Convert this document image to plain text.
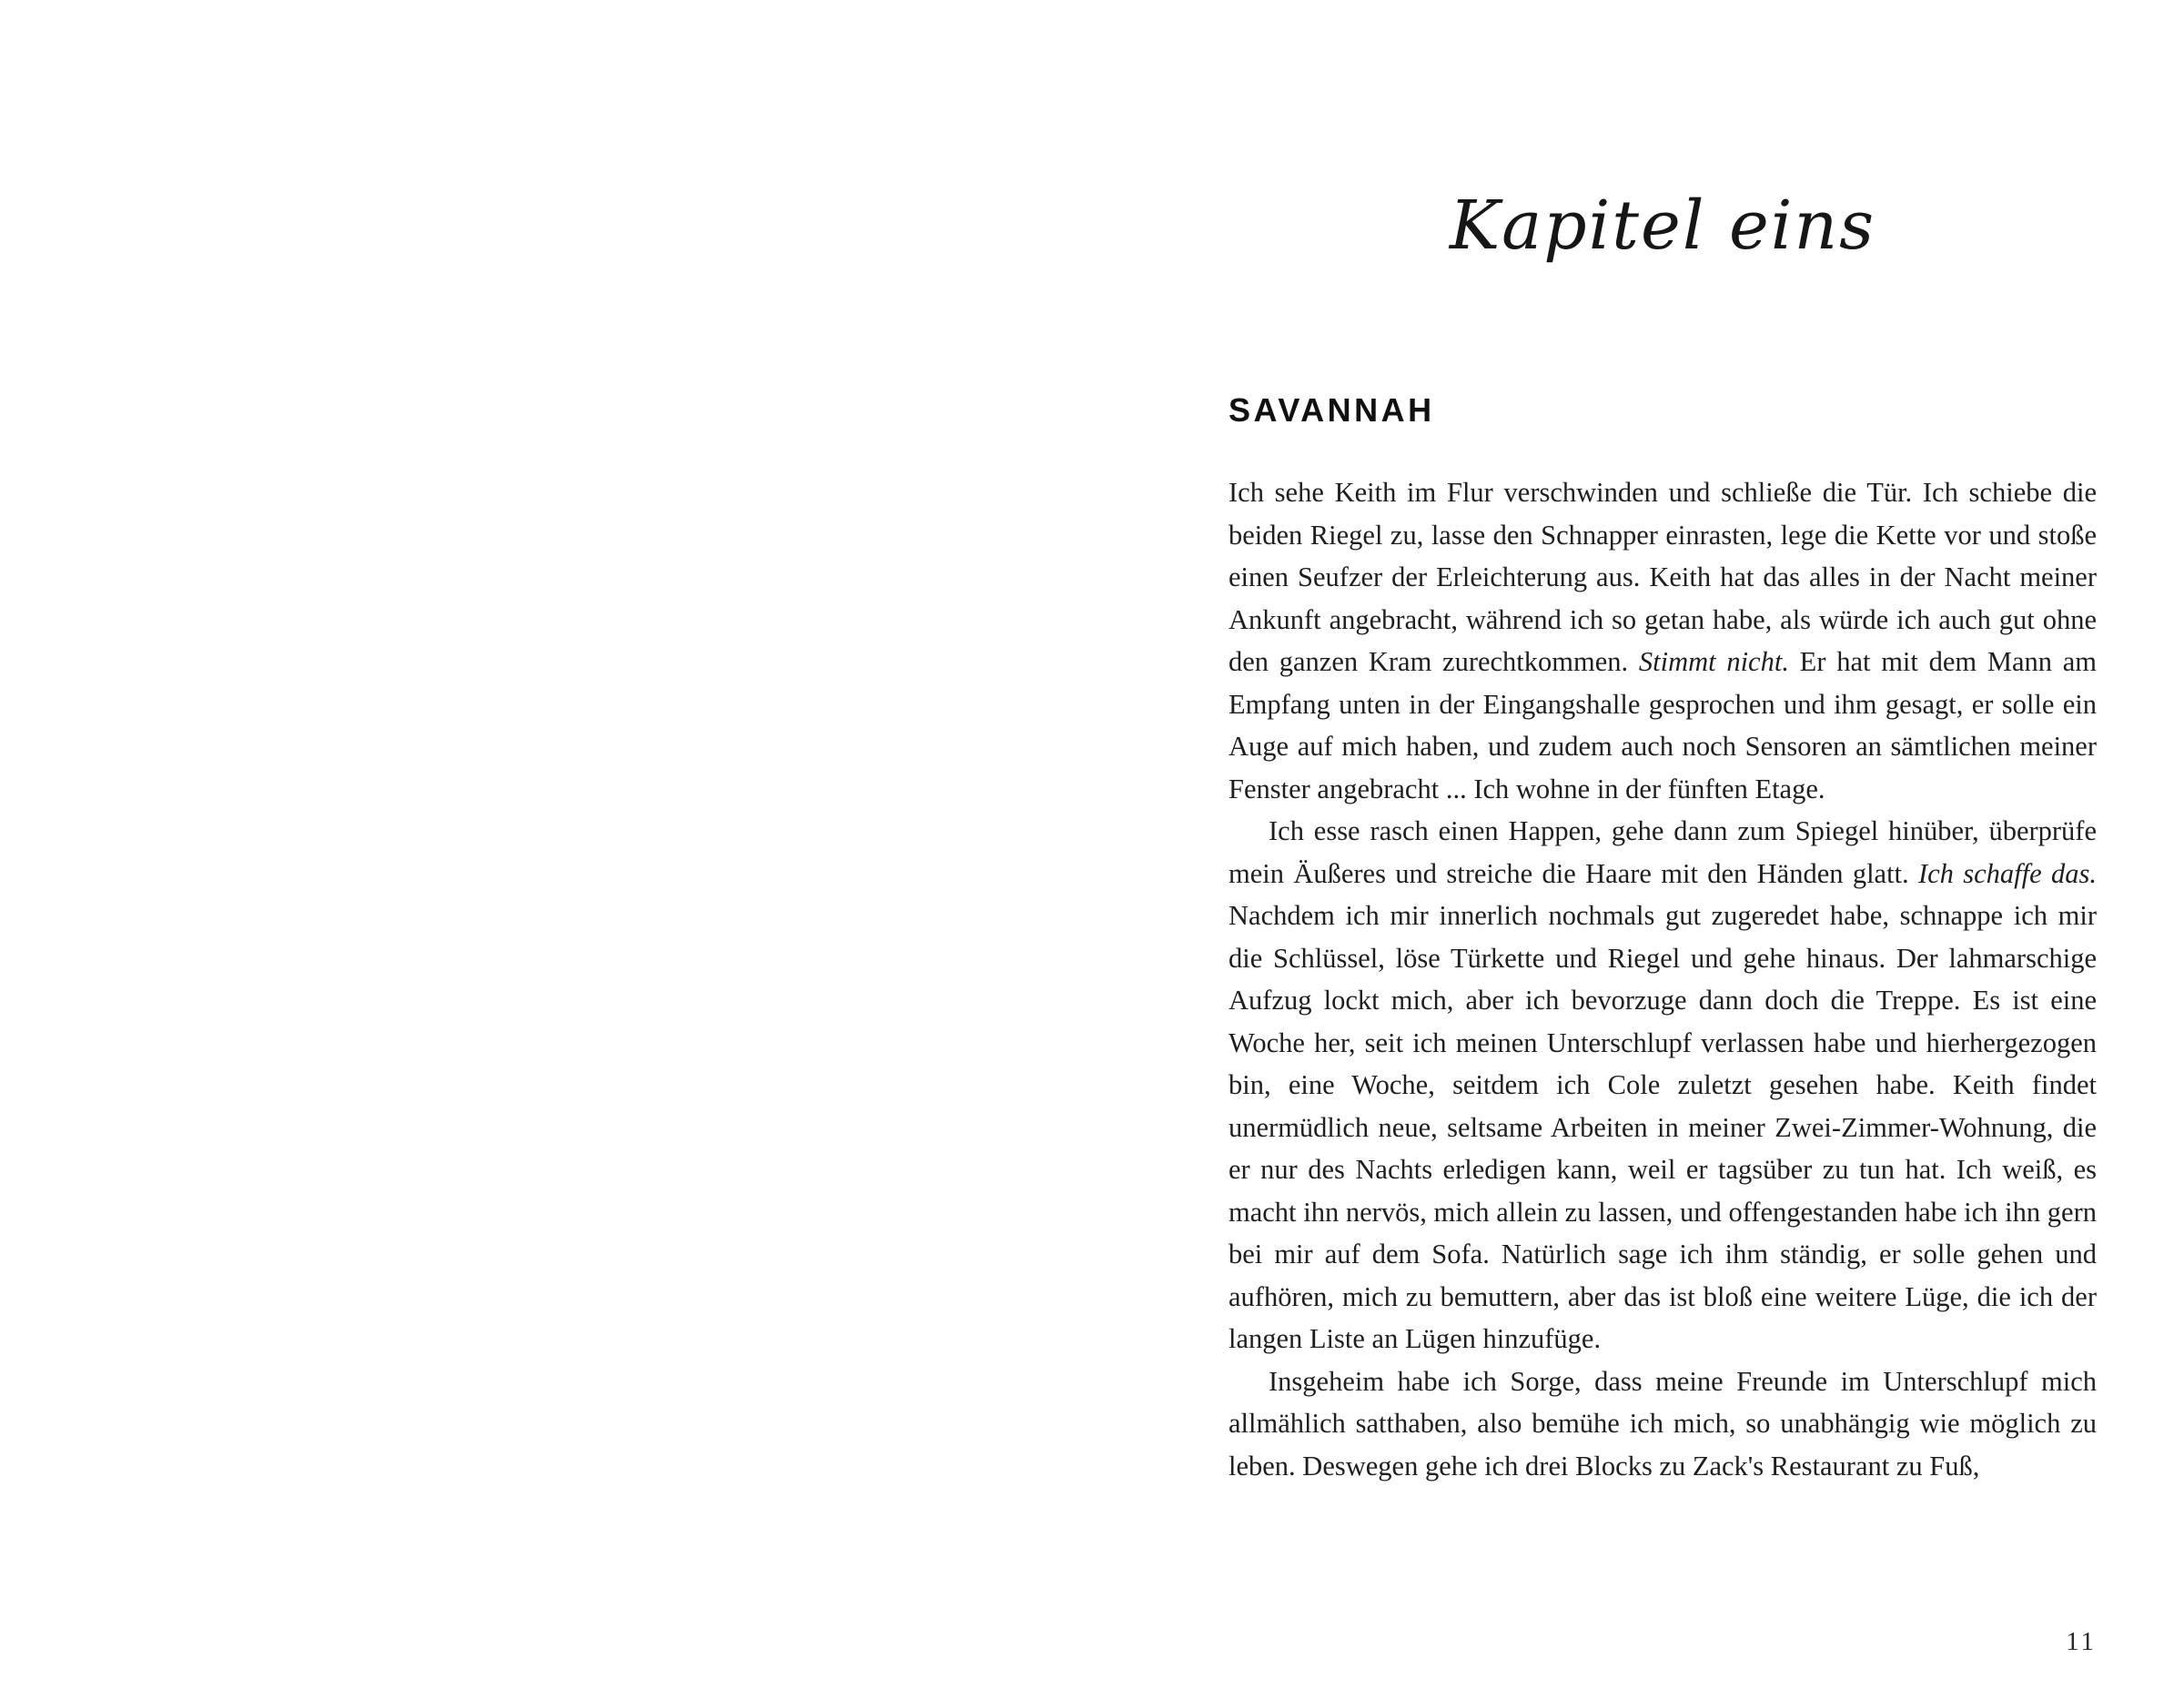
Kapitel eins
SAVANNAH

Ich sehe Keith im Flur verschwinden und schließe die Tür. Ich schiebe die beiden Riegel zu, lasse den Schnapper einrasten, lege die Kette vor und stoße einen Seufzer der Erleichterung aus. Keith hat das alles in der Nacht meiner Ankunft angebracht, während ich so getan habe, als würde ich auch gut ohne den ganzen Kram zurechtkommen. Stimmt nicht. Er hat mit dem Mann am Empfang unten in der Eingangshalle gesprochen und ihm gesagt, er solle ein Auge auf mich haben, und zudem auch noch Sensoren an sämtlichen meiner Fenster angebracht ... Ich wohne in der fünften Etage.

Ich esse rasch einen Happen, gehe dann zum Spiegel hinüber, überprüfe mein Äußeres und streiche die Haare mit den Händen glatt. Ich schaffe das. Nachdem ich mir innerlich nochmals gut zugeredet habe, schnappe ich mir die Schlüssel, löse Türkette und Riegel und gehe hinaus. Der lahmarschige Aufzug lockt mich, aber ich bevorzuge dann doch die Treppe. Es ist eine Woche her, seit ich meinen Unterschlupf verlassen habe und hierhergezogen bin, eine Woche, seitdem ich Cole zuletzt gesehen habe. Keith findet unermüdlich neue, seltsame Arbeiten in meiner Zwei-Zimmer-Wohnung, die er nur des Nachts erledigen kann, weil er tagsüber zu tun hat. Ich weiß, es macht ihn nervös, mich allein zu lassen, und offengestanden habe ich ihn gern bei mir auf dem Sofa. Natürlich sage ich ihm ständig, er solle gehen und aufhören, mich zu bemuttern, aber das ist bloß eine weitere Lüge, die ich der langen Liste an Lügen hinzufüge.

Insgeheim habe ich Sorge, dass meine Freunde im Unterschlupf mich allmählich satthaben, also bemühe ich mich, so unabhängig wie möglich zu leben. Deswegen gehe ich drei Blocks zu Zack's Restaurant zu Fuß,

11
